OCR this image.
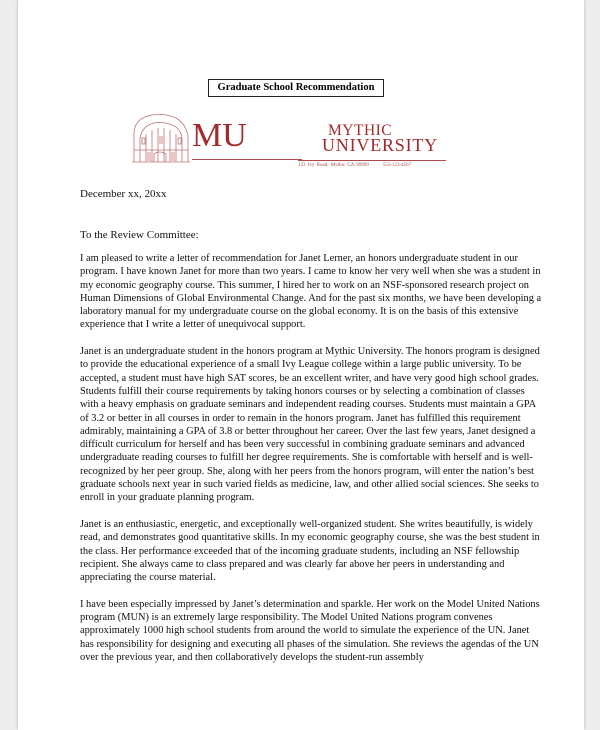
Graduate School Recommendation
MU	MYTHIC
UNIVERSITY
123 Ivy Road, Mythic CA 99999	555-123-4567
December xx, 20xx
To the Review Committee:

I am pleased to write a letter of recommendation for Janet Lerner, an honors undergraduate student in our program. I have known Janet for more than two years. I came to know her very well when she was a student in my economic geography course. This summer, I hired her to work on an NSF-sponsored research project on Human Dimensions of Global Environmental Change. And for the past six months, we have been developing a laboratory manual for my undergraduate course on the global economy. It is on the basis of this extensive experience that I write a letter of unequivocal support.

Janet is an undergraduate student in the honors program at Mythic University. The honors program is designed to provide the educational experience of a small Ivy League college within a large public university. To be accepted, a student must have high SAT scores, be an excellent writer, and have very good high school grades. Students fulfill their course requirements by taking honors courses or by selecting a combination of classes with a heavy emphasis on graduate seminars and independent reading courses. Students must maintain a GPA of 3.2 or better in all courses in order to remain in the honors program. Janet has fulfilled this requirement admirably, maintaining a GPA of 3.8 or better throughout her career. Over the last few years, Janet designed a difficult curriculum for herself and has been very successful in combining graduate seminars and advanced undergraduate reading courses to fulfill her degree requirements. She is comfortable with herself and is well-recognized by her peer group. She, along with her peers from the honors program, will enter the nation’s best graduate schools next year in such varied fields as medicine, law, and other allied social sciences. She seeks to enroll in your graduate planning program.

Janet is an enthusiastic, energetic, and exceptionally well-organized student. She writes beautifully, is widely read, and demonstrates good quantitative skills. In my economic geography course, she was the best student in the class. Her performance exceeded that of the incoming graduate students, including an NSF fellowship recipient. She always came to class prepared and was clearly far above her peers in understanding and appreciating the course material.

I have been especially impressed by Janet’s determination and sparkle. Her work on the Model United Nations program (MUN) is an extremely large responsibility. The Model United Nations program convenes approximately 1000 high school students from around the world to simulate the experience of the UN. Janet has responsibility for designing and executing all phases of the simulation. She reviews the agendas of the UN over the previous year, and then collaboratively develops the student-run assembly
